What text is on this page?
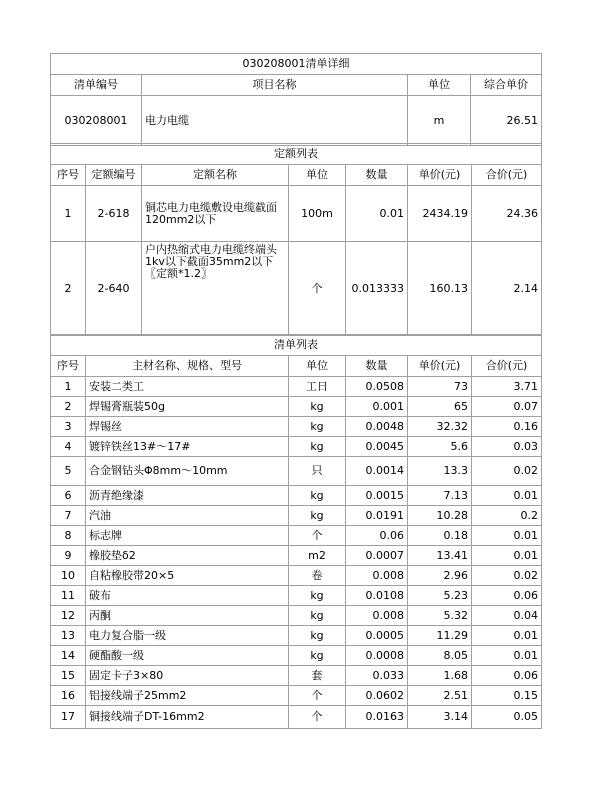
030208001清单详细			
清单编号	项目名称	单位	综合单价
030208001	电力电缆	m	26.51
定额列表						
序号	定额编号	定额名称	单位	数量	单价(元)	合价(元)
1	2-618	铜芯电力电缆敷设电缆截面120mm2以下	100m	0.01	2434.19	24.36
2	2-640	户内热缩式电力电缆终端头1kv以下截面35mm2以下〖定额*1.2〗	个	0.013333	160.13	2.14
清单列表					
序号	主材名称、规格、型号	单位	数量	单价(元)	合价(元)
1	安装二类工	工日	0.0508	73	3.71
2	焊锡膏瓶装50g	kg	0.001	65	0.07
3	焊锡丝	kg	0.0048	32.32	0.16
4	镀锌铁丝13#～17#	kg	0.0045	5.6	0.03
5	合金钢钻头Φ8mm～10mm	只	0.0014	13.3	0.02
6	沥青绝缘漆	kg	0.0015	7.13	0.01
7	汽油	kg	0.0191	10.28	0.2
8	标志牌	个	0.06	0.18	0.01
9	橡胶垫δ2	m2	0.0007	13.41	0.01
10	自粘橡胶带20×5	卷	0.008	2.96	0.02
11	破布	kg	0.0108	5.23	0.06
12	丙酮	kg	0.008	5.32	0.04
13	电力复合脂一级	kg	0.0005	11.29	0.01
14	硬酯酸一级	kg	0.0008	8.05	0.01
15	固定卡子3×80	套	0.033	1.68	0.06
16	铝接线端子25mm2	个	0.0602	2.51	0.15
17	铜接线端子DT-16mm2	个	0.0163	3.14	0.05
